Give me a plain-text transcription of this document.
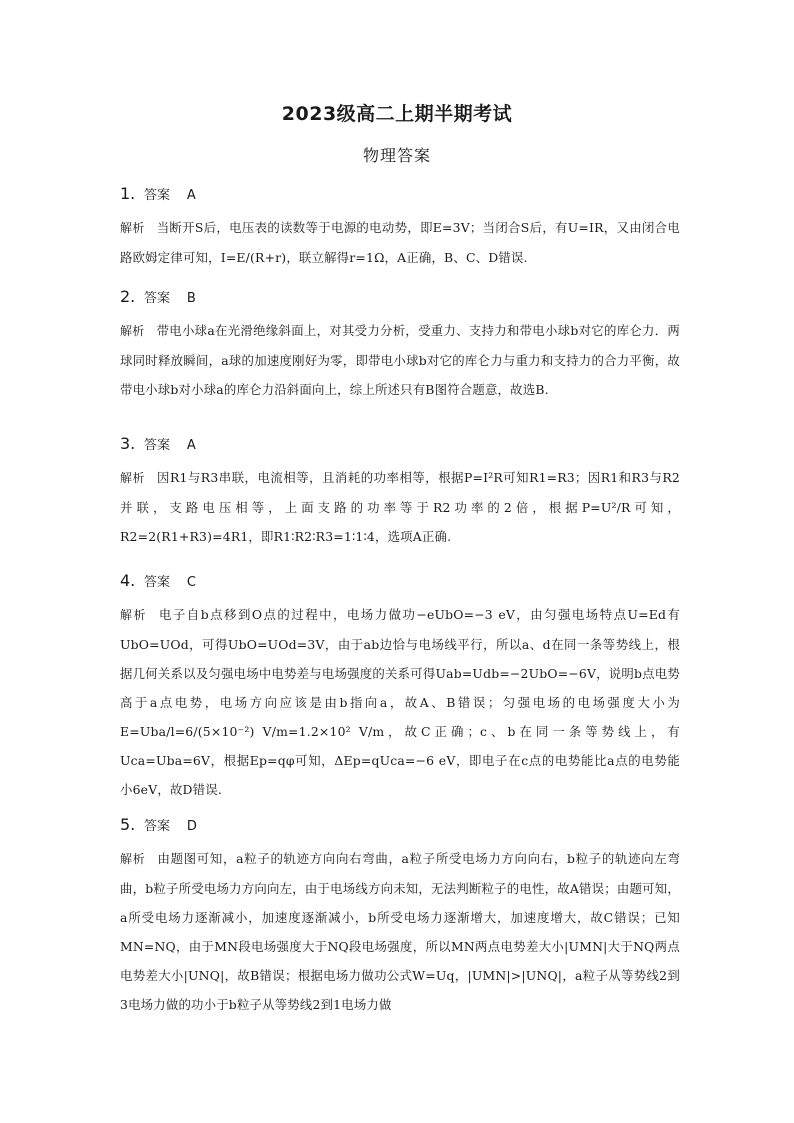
2023级高二上期半期考试
物理答案
1. 答案 A
解析 当断开S后，电压表的读数等于电源的电动势，即E=3V；当闭合S后，有U=IR，又由闭合电路欧姆定律可知，I=E/(R+r)，联立解得r=1Ω，A正确，B、C、D错误.
2. 答案 B
解析 带电小球a在光滑绝缘斜面上，对其受力分析，受重力、支持力和带电小球b对它的库仑力．两球同时释放瞬间，a球的加速度刚好为零，即带电小球b对它的库仑力与重力和支持力的合力平衡，故带电小球b对小球a的库仑力沿斜面向上，综上所述只有B图符合题意，故选B.
3. 答案 A
解析 因R1与R3串联，电流相等，且消耗的功率相等，根据P=I²R可知R1=R3；因R1和R3与R2并联，支路电压相等，上面支路的功率等于R2功率的2倍，根据P=U²/R可知，R2=2(R1+R3)=4R1，即R1∶R2∶R3=1∶1∶4，选项A正确.
4. 答案 C
解析 电子自b点移到O点的过程中，电场力做功−eUbO=−3 eV，由匀强电场特点U=Ed有UbO=UOd，可得UbO=UOd=3V，由于ab边恰与电场线平行，所以a、d在同一条等势线上，根据几何关系以及匀强电场中电势差与电场强度的关系可得Uab=Udb=−2UbO=−6V，说明b点电势高于a点电势，电场方向应该是由b指向a，故A、B错误；匀强电场的电场强度大小为E=Uba/l=6/(5×10⁻²) V/m=1.2×10² V/m，故C正确；c、b在同一条等势线上，有Uca=Uba=6V，根据Ep=qφ可知，ΔEp=qUca=−6 eV，即电子在c点的电势能比a点的电势能小6eV，故D错误.
5. 答案 D
解析 由题图可知，a粒子的轨迹方向向右弯曲，a粒子所受电场力方向向右，b粒子的轨迹向左弯曲，b粒子所受电场力方向向左，由于电场线方向未知，无法判断粒子的电性，故A错误；由题可知，a所受电场力逐渐减小，加速度逐渐减小，b所受电场力逐渐增大，加速度增大，故C错误；已知MN=NQ，由于MN段电场强度大于NQ段电场强度，所以MN两点电势差大小|UMN|大于NQ两点电势差大小|UNQ|，故B错误；根据电场力做功公式W=Uq，|UMN|>|UNQ|，a粒子从等势线2到3电场力做的功小于b粒子从等势线2到1电场力做
